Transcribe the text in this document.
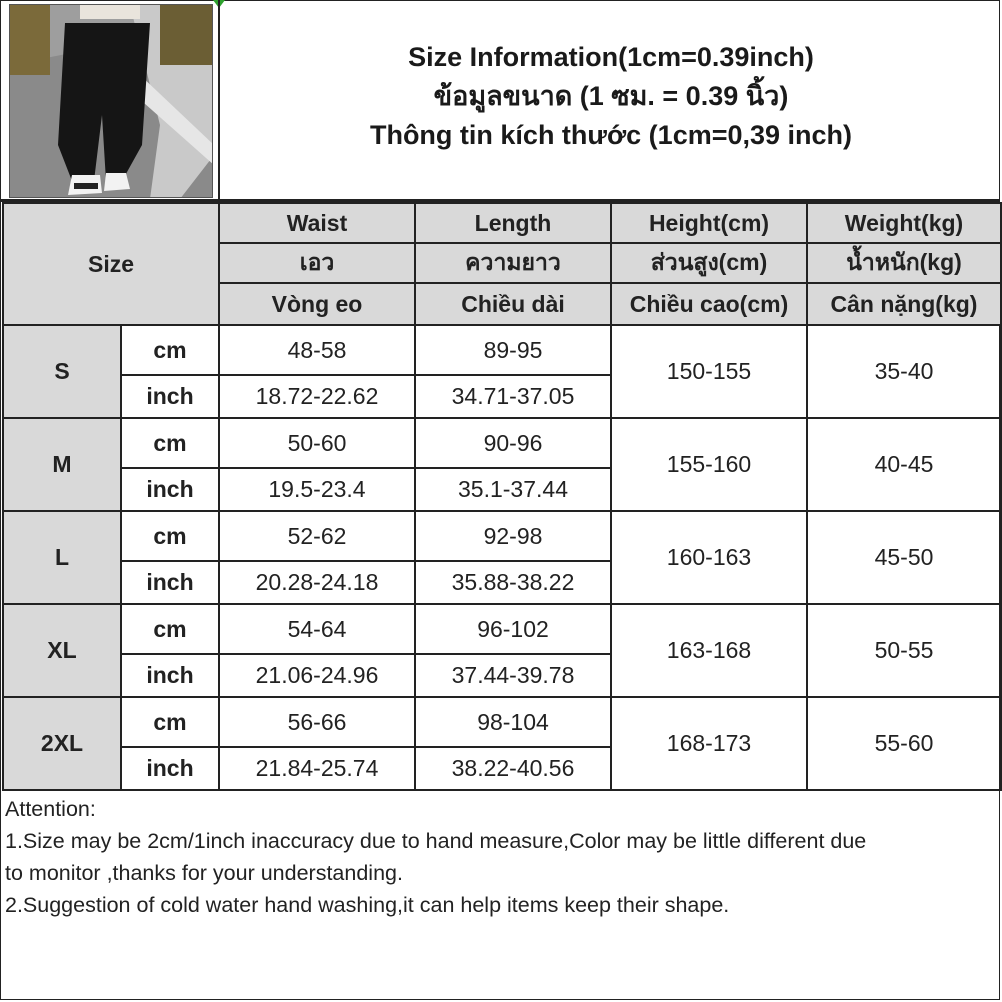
Size Information(1cm=0.39inch)
ข้อมูลขนาด (1 ซม. = 0.39 นิ้ว)
Thông tin kích thước (1cm=0,39 inch)
Size		Waist	Length	Height(cm)	Weight(kg)
		เอว	ความยาว	ส่วนสูง(cm)	น้ำหนัก(kg)
		Vòng eo	Chiều dài	Chiều cao(cm)	Cân nặng(kg)
S	cm	48-58	89-95	150-155	35-40
	inch	18.72-22.62	34.71-37.05		
M	cm	50-60	90-96	155-160	40-45
	inch	19.5-23.4	35.1-37.44		
L	cm	52-62	92-98	160-163	45-50
	inch	20.28-24.18	35.88-38.22		
XL	cm	54-64	96-102	163-168	50-55
	inch	21.06-24.96	37.44-39.78		
2XL	cm	56-66	98-104	168-173	55-60
	inch	21.84-25.74	38.22-40.56		
Attention:
1.Size may be 2cm/1inch inaccuracy due to hand measure,Color may be little different due
to monitor ,thanks for your understanding.
2.Suggestion of cold water hand washing,it can help items keep their shape.
